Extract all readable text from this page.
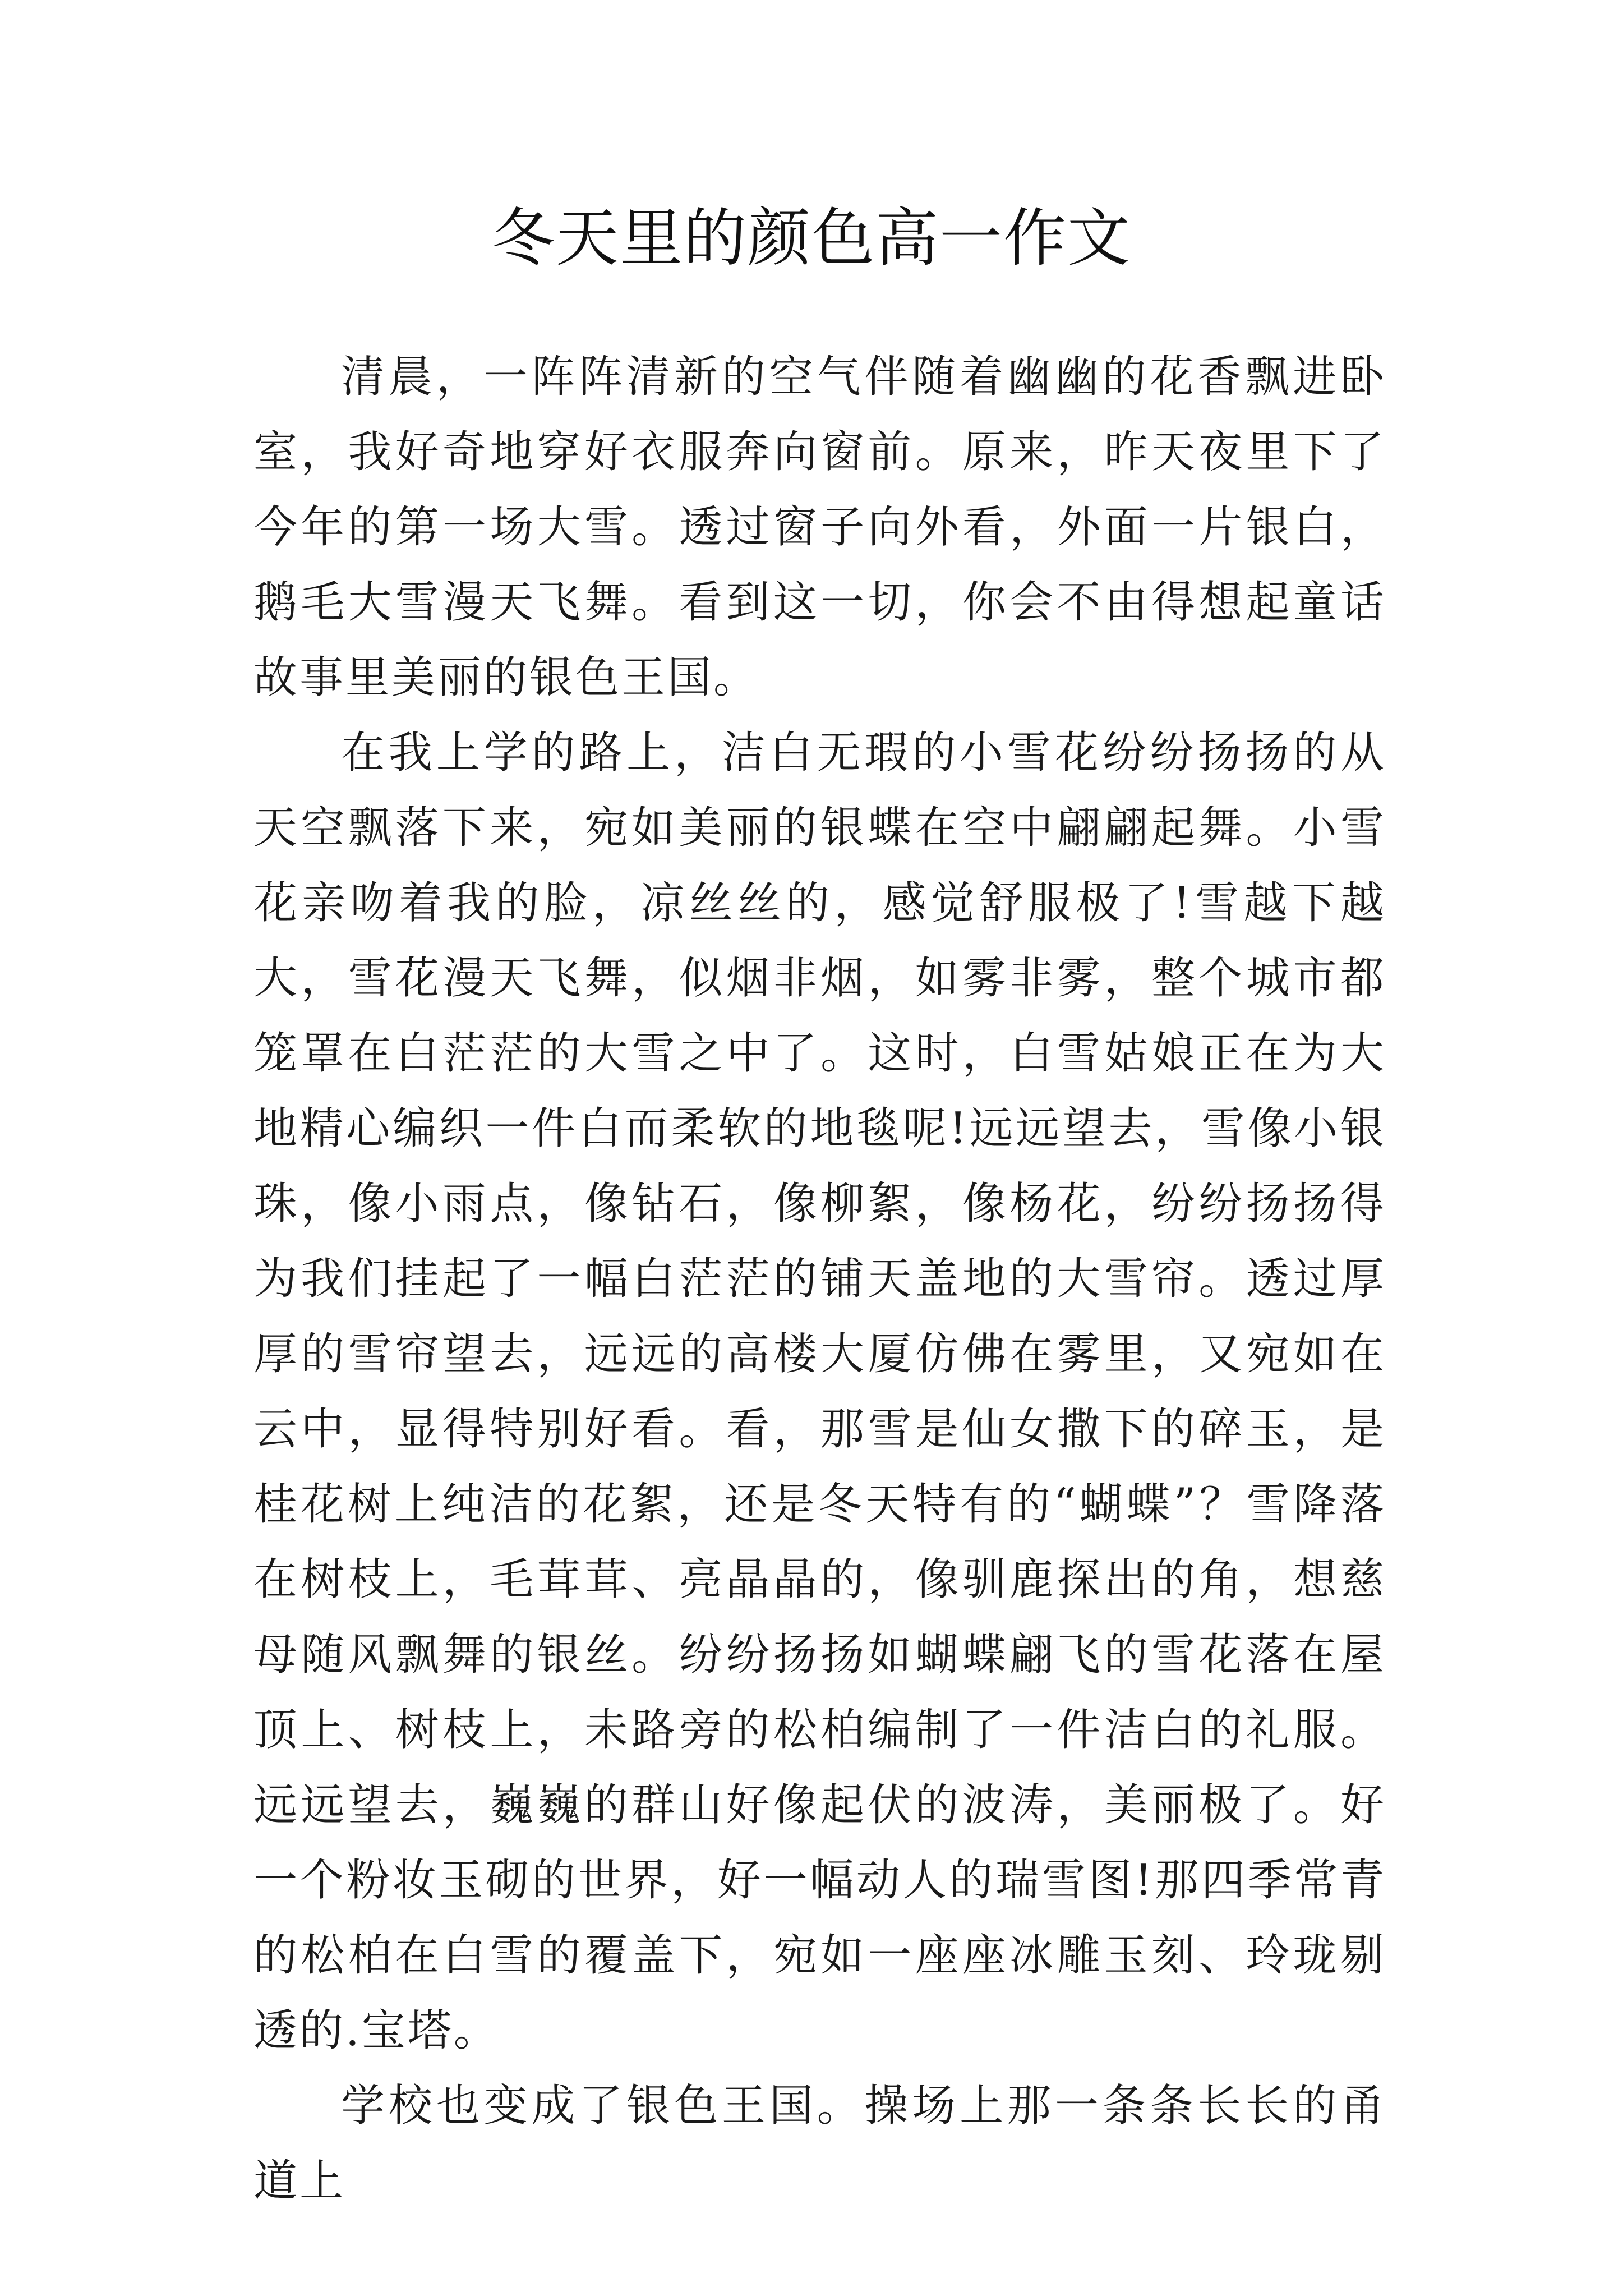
冬天里的颜色高一作文

清晨，一阵阵清新的空气伴随着幽幽的花香飘进卧室，我好奇地穿好衣服奔向窗前。原来，昨天夜里下了今年的第一场大雪。透过窗子向外看，外面一片银白，鹅毛大雪漫天飞舞。看到这一切，你会不由得想起童话故事里美丽的银色王国。

在我上学的路上，洁白无瑕的小雪花纷纷扬扬的从天空飘落下来，宛如美丽的银蝶在空中翩翩起舞。小雪花亲吻着我的脸，凉丝丝的，感觉舒服极了!雪越下越大，雪花漫天飞舞，似烟非烟，如雾非雾，整个城市都笼罩在白茫茫的大雪之中了。这时，白雪姑娘正在为大地精心编织一件白而柔软的地毯呢!远远望去，雪像小银珠，像小雨点，像钻石，像柳絮，像杨花，纷纷扬扬得为我们挂起了一幅白茫茫的铺天盖地的大雪帘。透过厚厚的雪帘望去，远远的高楼大厦仿佛在雾里，又宛如在云中，显得特别好看。看，那雪是仙女撒下的碎玉，是桂花树上纯洁的花絮，还是冬天特有的“蝴蝶”？雪降落在树枝上，毛茸茸、亮晶晶的，像驯鹿探出的角，想慈母随风飘舞的银丝。纷纷扬扬如蝴蝶翩飞的雪花落在屋顶上、树枝上，未路旁的松柏编制了一件洁白的礼服。远远望去，巍巍的群山好像起伏的波涛，美丽极了。好一个粉妆玉砌的世界，好一幅动人的瑞雪图!那四季常青的松柏在白雪的覆盖下，宛如一座座冰雕玉刻、玲珑剔透的.宝塔。

学校也变成了银色王国。操场上那一条条长长的甬道上
